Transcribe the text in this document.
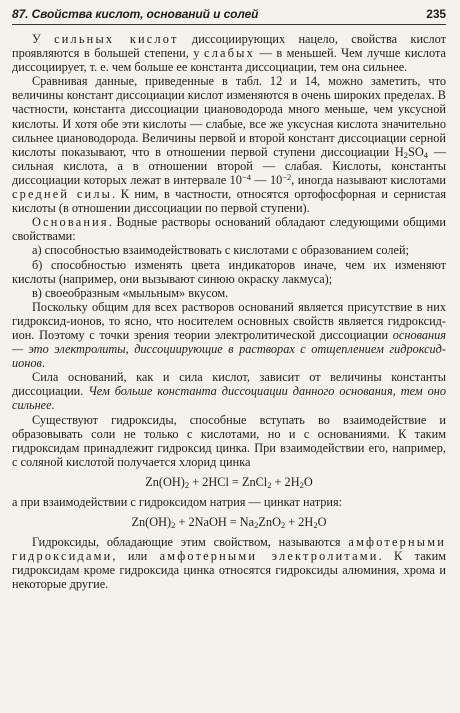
87. Свойства кислот, оснований и солей	235

У сильных кислот диссоциирующих нацело, свойства кислот проявляются в большей степени, у слабых — в меньшей. Чем лучше кислота диссоциирует, т. е. чем больше ее константа диссоциации, тем она сильнее.

Сравнивая данные, приведенные в табл. 12 и 14, можно заметить, что величины констант диссоциации кислот изменяются в очень широких пределах. В частности, константа диссоциации циановодорода много меньше, чем уксусной кислоты. И хотя обе эти кислоты — слабые, все же уксусная кислота значительно сильнее циановодорода. Величины первой и второй констант диссоциации серной кислоты показывают, что в отношении первой ступени диссоциации $H_2SO_4$ — сильная кислота, а в отношении второй — слабая. Кислоты, константы диссоциации которых лежат в интервале $10^{-4}$ — $10^{-2}$, иногда называют кислотами средней силы. К ним, в частности, относятся ортофосфорная и сернистая кислоты (в отношении диссоциации по первой ступени).

Основания. Водные растворы оснований обладают следующими общими свойствами:

а) способностью взаимодействовать с кислотами с образованием солей;

б) способностью изменять цвета индикаторов иначе, чем их изменяют кислоты (например, они вызывают синюю окраску лакмуса);

в) своеобразным «мыльным» вкусом.

Поскольку общим для всех растворов оснований является присутствие в них гидроксид-ионов, то ясно, что носителем основных свойств является гидроксид-ион. Поэтому с точки зрения теории электролитической диссоциации основания — это электролиты, диссоциирующие в растворах с отщеплением гидроксид-ионов.

Сила оснований, как и сила кислот, зависит от величины константы диссоциации. Чем больше константа диссоциации данного основания, тем оно сильнее.

Существуют гидроксиды, способные вступать во взаимодействие и образовывать соли не только с кислотами, но и с основаниями. К таким гидроксидам принадлежит гидроксид цинка. При взаимодействии его, например, с соляной кислотой получается хлорид цинка

$Zn(OH)_2 + 2HCl$ = ZnCl$_2$ + $2H_2O$

а при взаимодействии с гидроксидом натрия — цинкат натрия:

$Zn(OH)_2$ + 2NaOH = $Na_2ZnO_2 + 2H_2O$

Гидроксиды, обладающие этим свойством, называются амфотерными гидроксидами, или амфотерными электролитами. К таким гидроксидам кроме гидроксида цинка относятся гидроксиды алюминия, хрома и некоторые другие.
